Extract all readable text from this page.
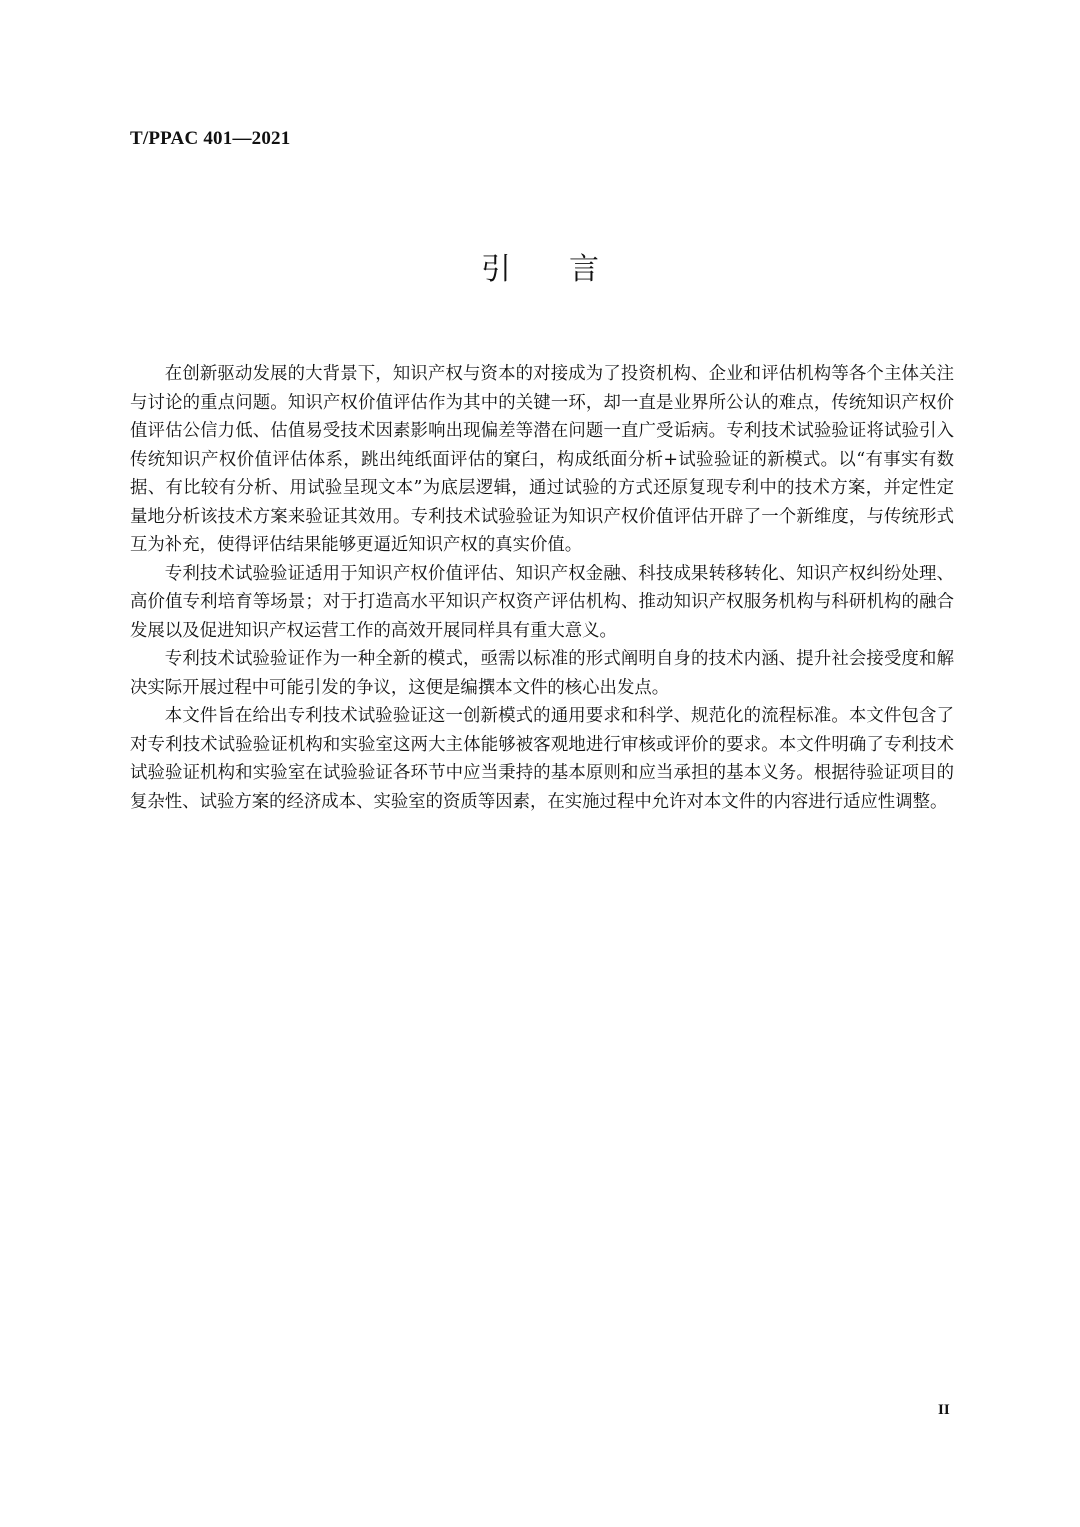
T/PPAC 401—2021
引 言

在创新驱动发展的大背景下，知识产权与资本的对接成为了投资机构、企业和评估机构等各个主体关注与讨论的重点问题。知识产权价值评估作为其中的关键一环，却一直是业界所公认的难点，传统知识产权价值评估公信力低、估值易受技术因素影响出现偏差等潜在问题一直广受诟病。专利技术试验验证将试验引入传统知识产权价值评估体系，跳出纯纸面评估的窠臼，构成纸面分析+试验验证的新模式。以“有事实有数据、有比较有分析、用试验呈现文本”为底层逻辑，通过试验的方式还原复现专利中的技术方案，并定性定量地分析该技术方案来验证其效用。专利技术试验验证为知识产权价值评估开辟了一个新维度，与传统形式互为补充，使得评估结果能够更逼近知识产权的真实价值。

专利技术试验验证适用于知识产权价值评估、知识产权金融、科技成果转移转化、知识产权纠纷处理、高价值专利培育等场景；对于打造高水平知识产权资产评估机构、推动知识产权服务机构与科研机构的融合发展以及促进知识产权运营工作的高效开展同样具有重大意义。

专利技术试验验证作为一种全新的模式，亟需以标准的形式阐明自身的技术内涵、提升社会接受度和解决实际开展过程中可能引发的争议，这便是编撰本文件的核心出发点。

本文件旨在给出专利技术试验验证这一创新模式的通用要求和科学、规范化的流程标准。本文件包含了对专利技术试验验证机构和实验室这两大主体能够被客观地进行审核或评价的要求。本文件明确了专利技术试验验证机构和实验室在试验验证各环节中应当秉持的基本原则和应当承担的基本义务。根据待验证项目的复杂性、试验方案的经济成本、实验室的资质等因素，在实施过程中允许对本文件的内容进行适应性调整。

II
